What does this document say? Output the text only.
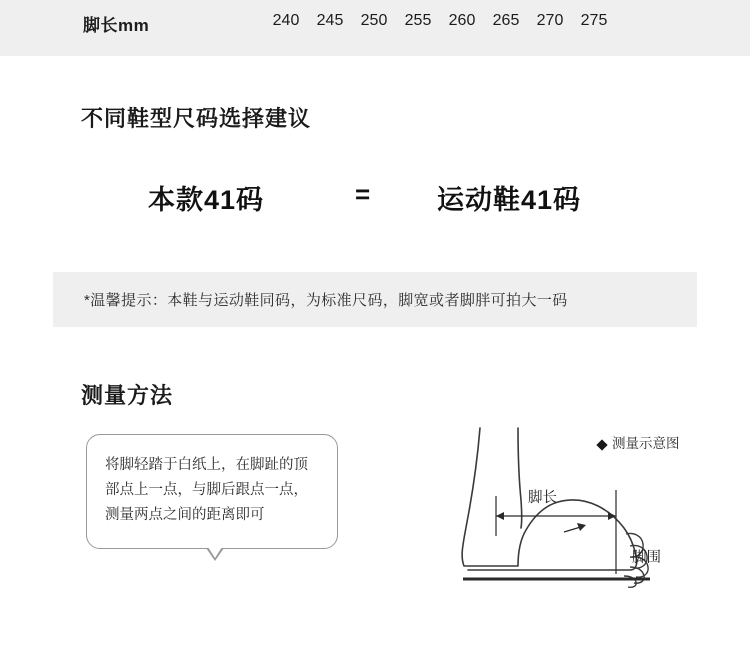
脚长mm	240 245 250 255 260 265 270 275
不同鞋型尺码选择建议
本款41码	= 运动鞋41码
*温馨提示：本鞋与运动鞋同码，为标准尺码，脚宽或者脚胖可拍大一码
测量方法
将脚轻踏于白纸上，在脚趾的顶部点上一点，与脚后跟点一点，测量两点之间的距离即可
测量示意图
脚长
脚围
